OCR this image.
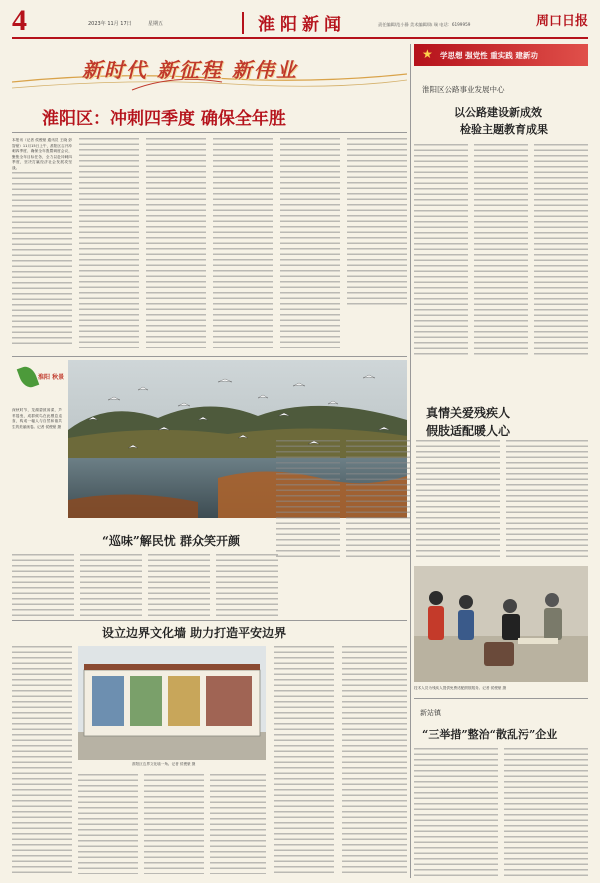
4	2023年 11月 17日	星期五	淮阳新闻	责任编辑/范小静 美术编辑/陈 瑞 电话：6199959	周口日报
新时代 新征程 新伟业
淮阳区：冲刺四季度 确保全年胜
本报讯（记者 侯俊豪 通讯员 王晓 彭智豪）11月15日上午，淮阳区召开冲刺四季度、确保全年胜暨调度会议，聚焦全年目标任务，全力以赴冲刺四季度，坚决打赢经济社会发展攻坚战。
★ 学思想 强党性 重实践 建新功
淮阳区公路事业发展中心
以公路建设新成效
检验主题教育成果
淮阳 秋景
深秋时节，龙湖碧波荡漾，芦苇摇曳，成群候鸟在此栖息觅食，构成一幅人与自然和谐共生的美丽画卷。记者 侯俊豪 摄
真情关爱残疾人
假肢适配暖人心
技术人员为残疾人提供免费适配假肢服务。记者 侯俊豪 摄
“巡味”解民忧 群众笑开颜
设立边界文化墙 助力打造平安边界
淮阳区边界文化墙一角。记者 侯俊豪 摄
新站镇
“三举措”整治“散乱污”企业
